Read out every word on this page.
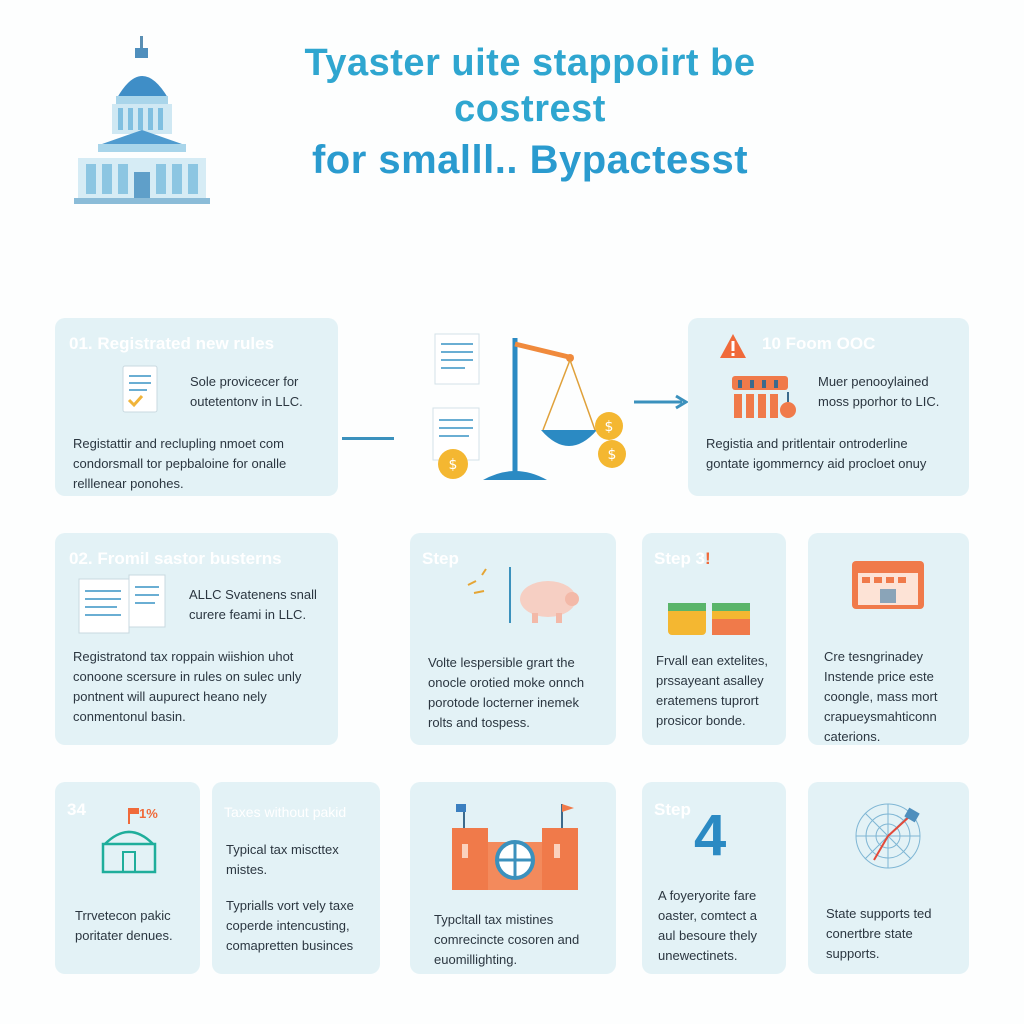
Tyaster uite stappoirt be costrest
for smalll.. Bypactesst
01. Registrated new rules
Sole provicecer for
outetentonv in LLC.
Registattir and reclupling nmoet com
condorsmall tor pepbaloine for onalle
relllenear ponohes.
$
$
$
10 Foom OOC
Muer penooylained
moss pporhor to LIC.
Registia and pritlentair ontroderline
gontate igommerncy aid procloet onuy
02. Fromil sastor busterns
ALLC Svatenens snall
curere feami in LLC.
Registratond tax roppain wiishion uhot
conoone scersure in rules on sulec unly
pontnent will aupurect heano nely
conmentonul basin.
Step
Volte lespersible grart the
onocle orotied moke onnch
porotode locterner inemek
rolts and tospess.
Step 3!
Frvall ean extelites,
prssayeant asalley
eratemens tuprort
prosicor bonde.
Cre tesngrinadey
Instende price este
coongle, mass mort
crapueysmahticonn
caterions.
34	1%
Trrvetecon pakic
poritater denues.
Taxes without pakid
Typical tax miscttex
mistes.
Typrialls vort vely taxe
coperde intencusting,
comapretten businces
Typcltall tax mistines
comrecincte cosoren and
euomillighting.
Step 4
A foyeryorite fare
oaster, comtect a
aul besoure thely
unewectinets.
State supports ted
conertbre state
supports.
